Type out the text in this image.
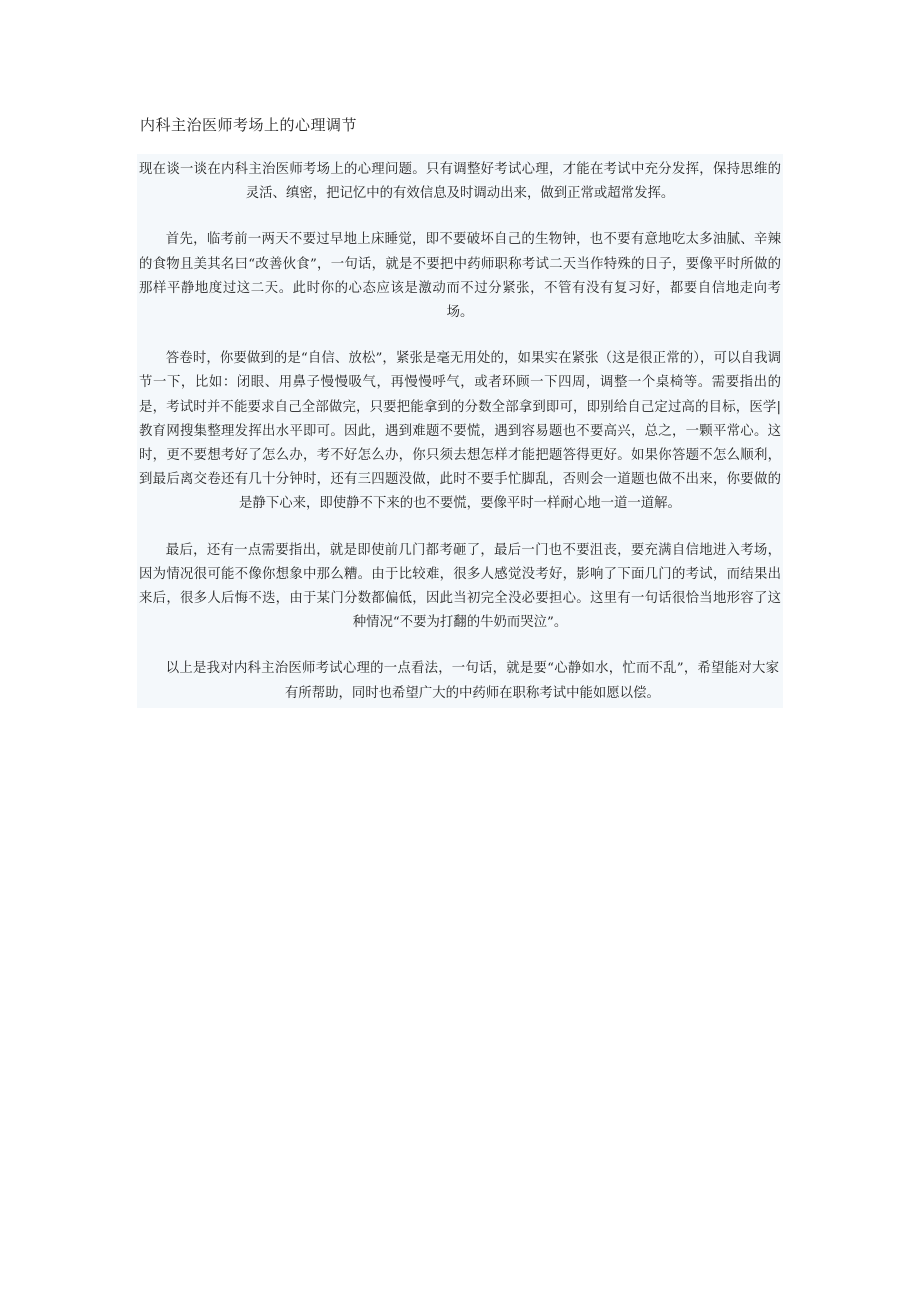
内科主治医师考场上的心理调节

现在谈一谈在内科主治医师考场上的心理问题。只有调整好考试心理，才能在考试中充分发挥，保持思维的灵活、缜密，把记忆中的有效信息及时调动出来，做到正常或超常发挥。

首先，临考前一两天不要过早地上床睡觉，即不要破坏自己的生物钟，也不要有意地吃太多油腻、辛辣的食物且美其名曰“改善伙食”，一句话，就是不要把中药师职称考试二天当作特殊的日子，要像平时所做的那样平静地度过这二天。此时你的心态应该是激动而不过分紧张，不管有没有复习好，都要自信地走向考场。

答卷时，你要做到的是“自信、放松”，紧张是毫无用处的，如果实在紧张（这是很正常的），可以自我调节一下，比如：闭眼、用鼻子慢慢吸气，再慢慢呼气，或者环顾一下四周，调整一个桌椅等。需要指出的是，考试时并不能要求自己全部做完，只要把能拿到的分数全部拿到即可，即别给自己定过高的目标，医学|教育网搜集整理发挥出水平即可。因此，遇到难题不要慌，遇到容易题也不要高兴，总之，一颗平常心。这时，更不要想考好了怎么办，考不好怎么办，你只须去想怎样才能把题答得更好。如果你答题不怎么顺利，到最后离交卷还有几十分钟时，还有三四题没做，此时不要手忙脚乱，否则会一道题也做不出来，你要做的是静下心来，即使静不下来的也不要慌，要像平时一样耐心地一道一道解。

最后，还有一点需要指出，就是即使前几门都考砸了，最后一门也不要沮丧，要充满自信地进入考场，因为情况很可能不像你想象中那么糟。由于比较难，很多人感觉没考好，影响了下面几门的考试，而结果出来后，很多人后悔不迭，由于某门分数都偏低，因此当初完全没必要担心。这里有一句话很恰当地形容了这种情况“不要为打翻的牛奶而哭泣”。

以上是我对内科主治医师考试心理的一点看法，一句话，就是要“心静如水，忙而不乱”，希望能对大家有所帮助，同时也希望广大的中药师在职称考试中能如愿以偿。
